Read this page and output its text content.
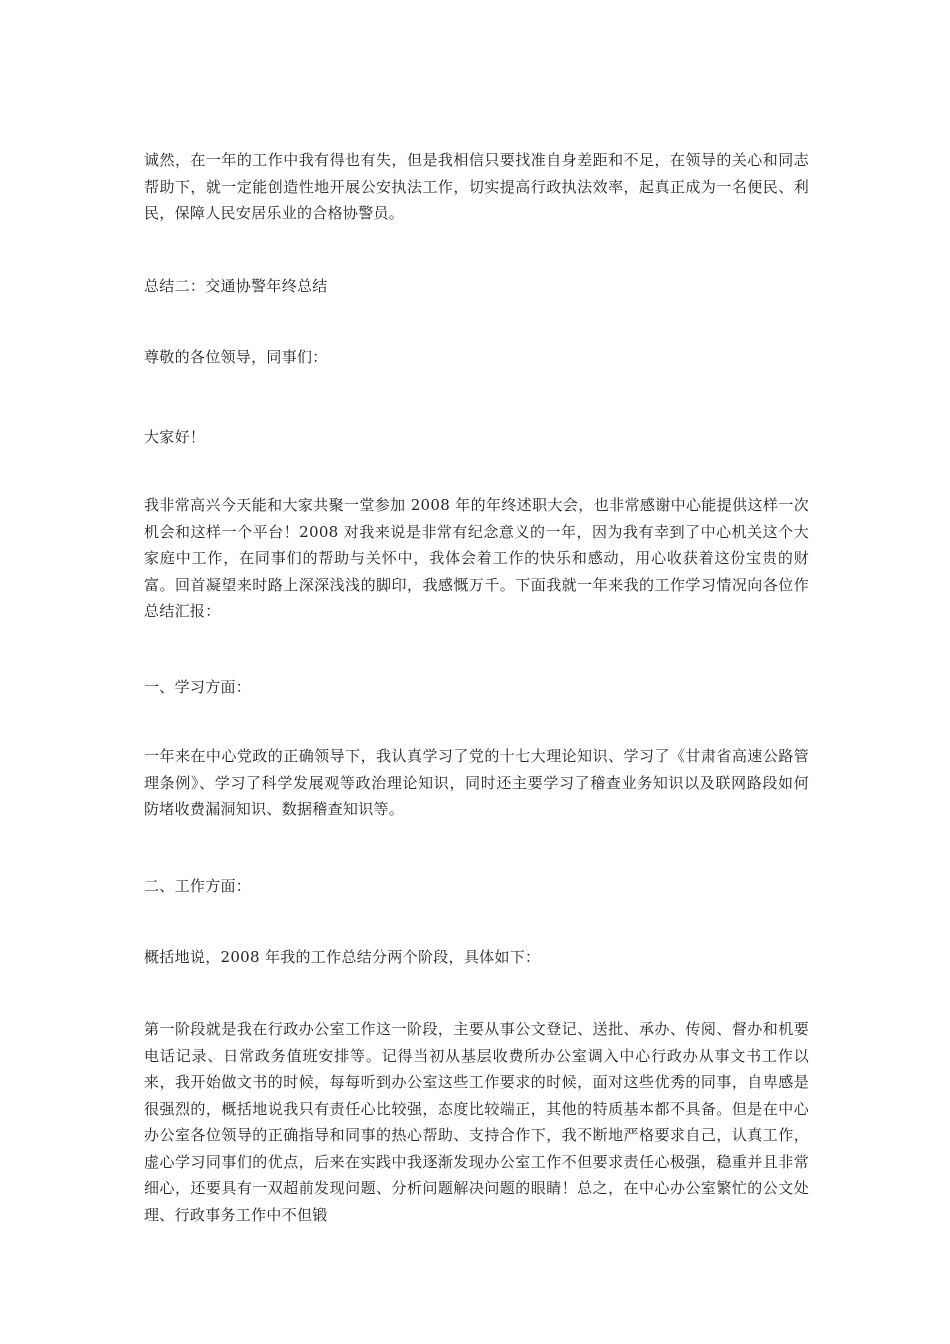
诚然，在一年的工作中我有得也有失，但是我相信只要找准自身差距和不足，在领导的关心和同志帮助下，就一定能创造性地开展公安执法工作，切实提高行政执法效率，起真正成为一名便民、利民，保障人民安居乐业的合格协警员。

总结二：交通协警年终总结

尊敬的各位领导，同事们：

大家好！

我非常高兴今天能和大家共聚一堂参加 2008 年的年终述职大会，也非常感谢中心能提供这样一次机会和这样一个平台！2008 对我来说是非常有纪念意义的一年，因为我有幸到了中心机关这个大家庭中工作，在同事们的帮助与关怀中，我体会着工作的快乐和感动，用心收获着这份宝贵的财富。回首凝望来时路上深深浅浅的脚印，我感慨万千。下面我就一年来我的工作学习情况向各位作总结汇报：

一、学习方面：

一年来在中心党政的正确领导下，我认真学习了党的十七大理论知识、学习了《甘肃省高速公路管理条例》、学习了科学发展观等政治理论知识，同时还主要学习了稽查业务知识以及联网路段如何防堵收费漏洞知识、数据稽查知识等。

二、工作方面：

概括地说，2008 年我的工作总结分两个阶段，具体如下：

第一阶段就是我在行政办公室工作这一阶段，主要从事公文登记、送批、承办、传阅、督办和机要电话记录、日常政务值班安排等。记得当初从基层收费所办公室调入中心行政办从事文书工作以来，我开始做文书的时候，每每听到办公室这些工作要求的时候，面对这些优秀的同事，自卑感是很强烈的，概括地说我只有责任心比较强，态度比较端正，其他的特质基本都不具备。但是在中心办公室各位领导的正确指导和同事的热心帮助、支持合作下，我不断地严格要求自己，认真工作，虚心学习同事们的优点，后来在实践中我逐渐发现办公室工作不但要求责任心极强，稳重并且非常细心，还要具有一双超前发现问题、分析问题解决问题的眼睛！总之，在中心办公室繁忙的公文处理、行政事务工作中不但锻
